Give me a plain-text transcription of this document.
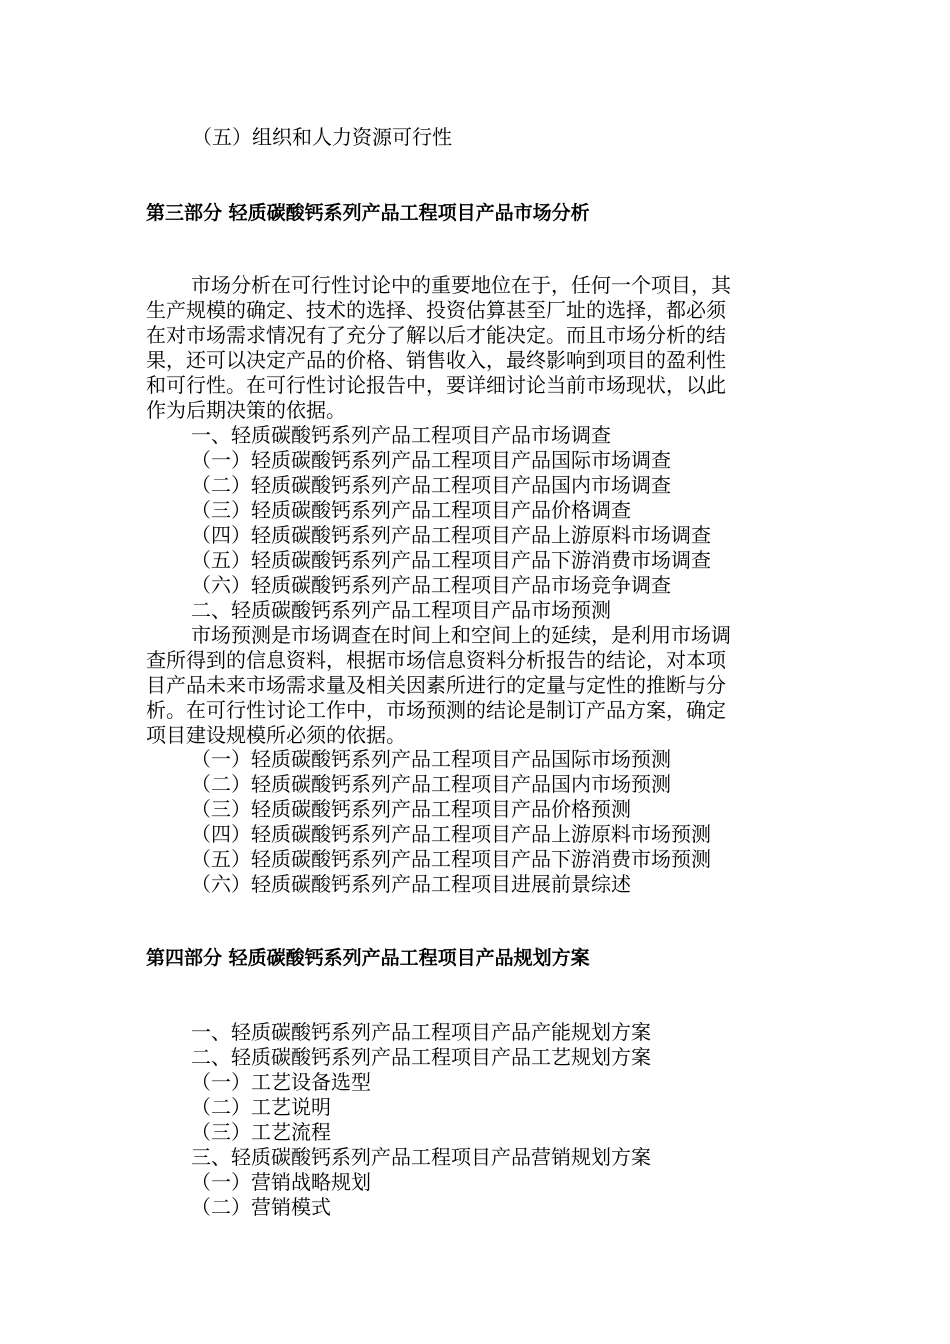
（五）组织和人力资源可行性
第三部分 轻质碳酸钙系列产品工程项目产品市场分析
市场分析在可行性讨论中的重要地位在于，任何一个项目，其
生产规模的确定、技术的选择、投资估算甚至厂址的选择，都必须
在对市场需求情况有了充分了解以后才能决定。而且市场分析的结
果，还可以决定产品的价格、销售收入，最终影响到项目的盈利性
和可行性。在可行性讨论报告中，要详细讨论当前市场现状，以此
作为后期决策的依据。
一、轻质碳酸钙系列产品工程项目产品市场调查
（一）轻质碳酸钙系列产品工程项目产品国际市场调查
（二）轻质碳酸钙系列产品工程项目产品国内市场调查
（三）轻质碳酸钙系列产品工程项目产品价格调查
（四）轻质碳酸钙系列产品工程项目产品上游原料市场调查
（五）轻质碳酸钙系列产品工程项目产品下游消费市场调查
（六）轻质碳酸钙系列产品工程项目产品市场竞争调查
二、轻质碳酸钙系列产品工程项目产品市场预测
市场预测是市场调查在时间上和空间上的延续，是利用市场调
查所得到的信息资料，根据市场信息资料分析报告的结论，对本项
目产品未来市场需求量及相关因素所进行的定量与定性的推断与分
析。在可行性讨论工作中，市场预测的结论是制订产品方案，确定
项目建设规模所必须的依据。
（一）轻质碳酸钙系列产品工程项目产品国际市场预测
（二）轻质碳酸钙系列产品工程项目产品国内市场预测
（三）轻质碳酸钙系列产品工程项目产品价格预测
（四）轻质碳酸钙系列产品工程项目产品上游原料市场预测
（五）轻质碳酸钙系列产品工程项目产品下游消费市场预测
（六）轻质碳酸钙系列产品工程项目进展前景综述
第四部分 轻质碳酸钙系列产品工程项目产品规划方案
一、轻质碳酸钙系列产品工程项目产品产能规划方案
二、轻质碳酸钙系列产品工程项目产品工艺规划方案
（一）工艺设备选型
（二）工艺说明
（三）工艺流程
三、轻质碳酸钙系列产品工程项目产品营销规划方案
（一）营销战略规划
（二）营销模式
